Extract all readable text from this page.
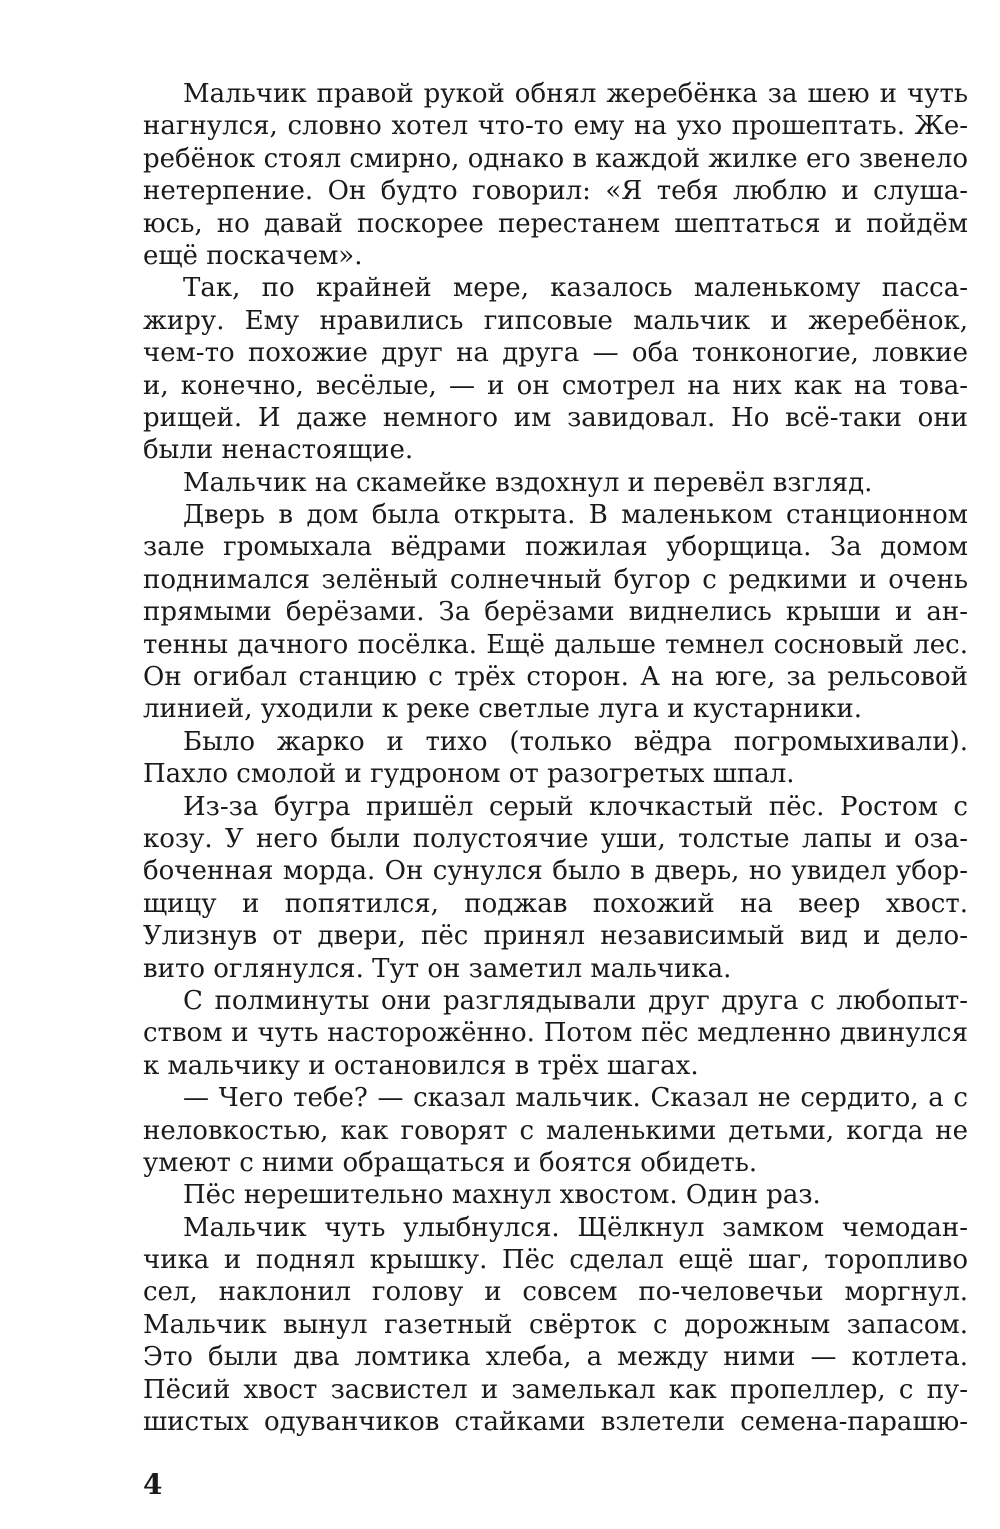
Мальчик правой рукой обнял жеребёнка за шею и чуть
нагнулся, словно хотел что-то ему на ухо прошептать. Же-
ребёнок стоял смирно, однако в каждой жилке его звенело
нетерпение. Он будто говорил: «Я тебя люблю и слуша-
юсь, но давай поскорее перестанем шептаться и пойдём
ещё поскачем».
Так, по крайней мере, казалось маленькому пасса-
жиру. Ему нравились гипсовые мальчик и жеребёнок,
чем-то похожие друг на друга — оба тонконогие, ловкие
и, конечно, весёлые, — и он смотрел на них как на това-
рищей. И даже немного им завидовал. Но всё-таки они
были ненастоящие.
Мальчик на скамейке вздохнул и перевёл взгляд.
Дверь в дом была открыта. В маленьком станционном
зале громыхала вёдрами пожилая уборщица. За домом
поднимался зелёный солнечный бугор с редкими и очень
прямыми берёзами. За берёзами виднелись крыши и ан-
тенны дачного посёлка. Ещё дальше темнел сосновый лес.
Он огибал станцию с трёх сторон. А на юге, за рельсовой
линией, уходили к реке светлые луга и кустарники.
Было жарко и тихо (только вёдра погромыхивали).
Пахло смолой и гудроном от разогретых шпал.
Из-за бугра пришёл серый клочкастый пёс. Ростом с
козу. У него были полустоячие уши, толстые лапы и оза-
боченная морда. Он сунулся было в дверь, но увидел убор-
щицу и попятился, поджав похожий на веер хвост.
Улизнув от двери, пёс принял независимый вид и дело-
вито оглянулся. Тут он заметил мальчика.
С полминуты они разглядывали друг друга с любопыт-
ством и чуть насторожённо. Потом пёс медленно двинулся
к мальчику и остановился в трёх шагах.
— Чего тебе? — сказал мальчик. Сказал не сердито, а с
неловкостью, как говорят с маленькими детьми, когда не
умеют с ними обращаться и боятся обидеть.
Пёс нерешительно махнул хвостом. Один раз.
Мальчик чуть улыбнулся. Щёлкнул замком чемодан-
чика и поднял крышку. Пёс сделал ещё шаг, торопливо
сел, наклонил голову и совсем по-человечьи моргнул.
Мальчик вынул газетный свёрток с дорожным запасом.
Это были два ломтика хлеба, а между ними — котлета.
Пёсий хвост засвистел и замелькал как пропеллер, с пу-
шистых одуванчиков стайками взлетели семена-парашю-
4
